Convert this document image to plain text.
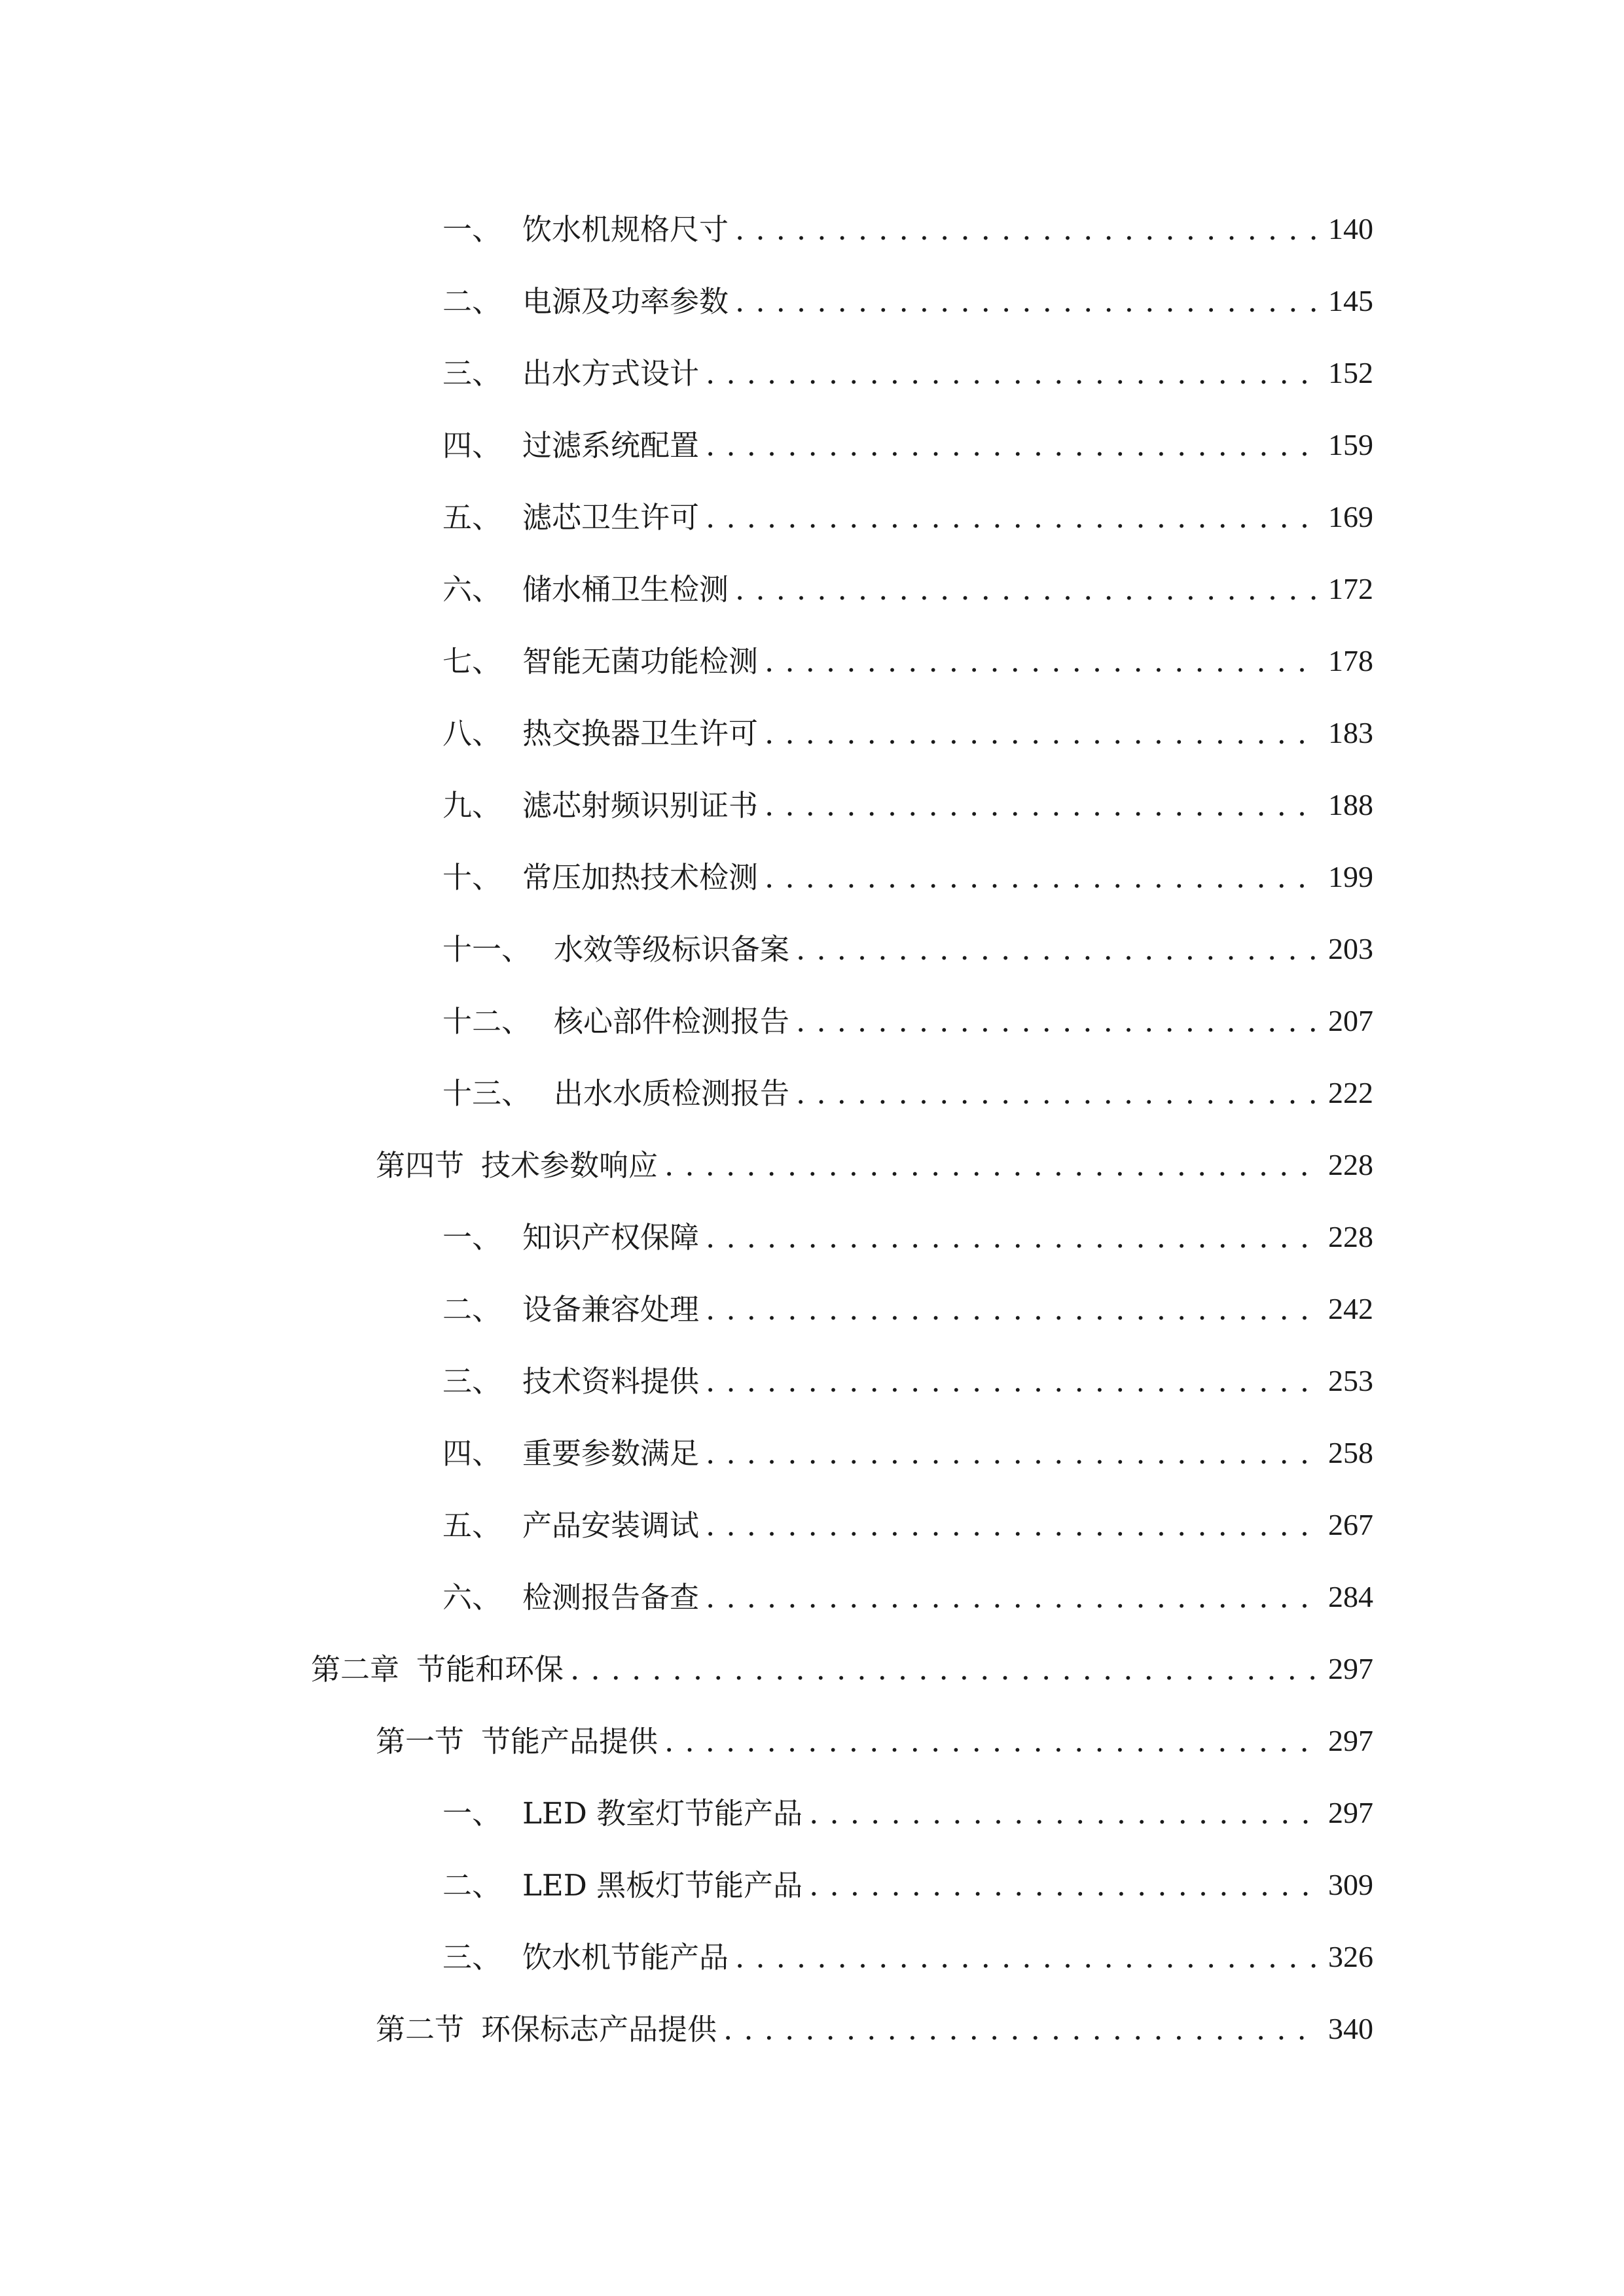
一、 饮水机规格尺寸 .....	140
二、 电源及功率参数 .....	145
三、 出水方式设计 .....	152
四、 过滤系统配置 .....	159
五、 滤芯卫生许可 .....	169
六、 储水桶卫生检测 .....	172
七、 智能无菌功能检测 .....	178
八、 热交换器卫生许可 .....	183
九、 滤芯射频识别证书 .....	188
十、 常压加热技术检测 .....	199
十一、 水效等级标识备案 .....	203
十二、 核心部件检测报告 .....	207
十三、 出水水质检测报告 .....	222
第四节 技术参数响应 .....	228
一、 知识产权保障 .....	228
二、 设备兼容处理 .....	242
三、 技术资料提供 .....	253
四、 重要参数满足 .....	258
五、 产品安装调试 .....	267
六、 检测报告备查 .....	284
第二章 节能和环保 .....	297
第一节 节能产品提供 .....	297
一、 LED 教室灯节能产品 .....	297
二、 LED 黑板灯节能产品 .....	309
三、 饮水机节能产品 .....	326
第二节 环保标志产品提供 .....	340
